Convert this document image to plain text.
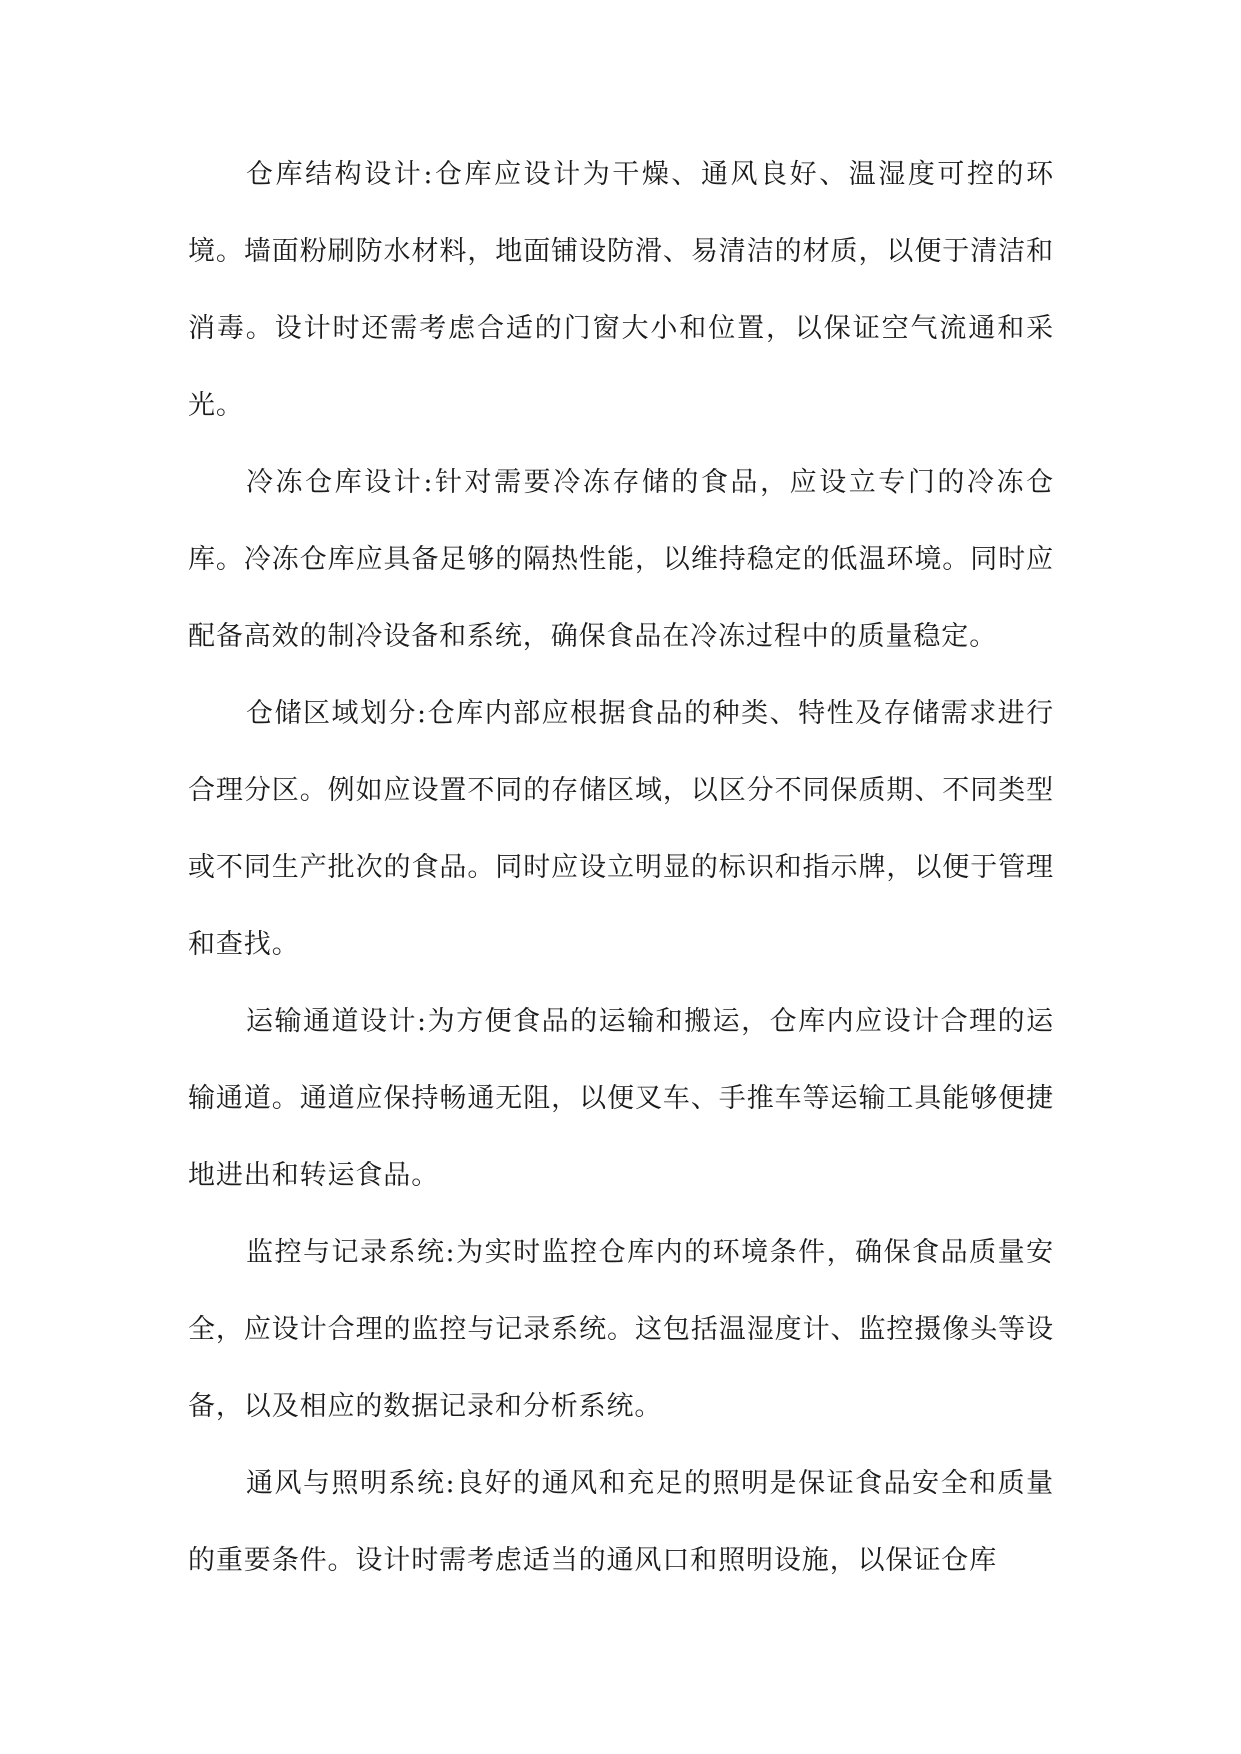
仓库结构设计:仓库应设计为干燥、通风良好、温湿度可控的环境。墙面粉刷防水材料，地面铺设防滑、易清洁的材质，以便于清洁和消毒。设计时还需考虑合适的门窗大小和位置，以保证空气流通和采光。

冷冻仓库设计:针对需要冷冻存储的食品，应设立专门的冷冻仓库。冷冻仓库应具备足够的隔热性能，以维持稳定的低温环境。同时应配备高效的制冷设备和系统，确保食品在冷冻过程中的质量稳定。

仓储区域划分:仓库内部应根据食品的种类、特性及存储需求进行合理分区。例如应设置不同的存储区域，以区分不同保质期、不同类型或不同生产批次的食品。同时应设立明显的标识和指示牌，以便于管理和查找。

运输通道设计:为方便食品的运输和搬运，仓库内应设计合理的运输通道。通道应保持畅通无阻，以便叉车、手推车等运输工具能够便捷地进出和转运食品。

监控与记录系统:为实时监控仓库内的环境条件，确保食品质量安全，应设计合理的监控与记录系统。这包括温湿度计、监控摄像头等设备，以及相应的数据记录和分析系统。

通风与照明系统:良好的通风和充足的照明是保证食品安全和质量的重要条件。设计时需考虑适当的通风口和照明设施，以保证仓库
